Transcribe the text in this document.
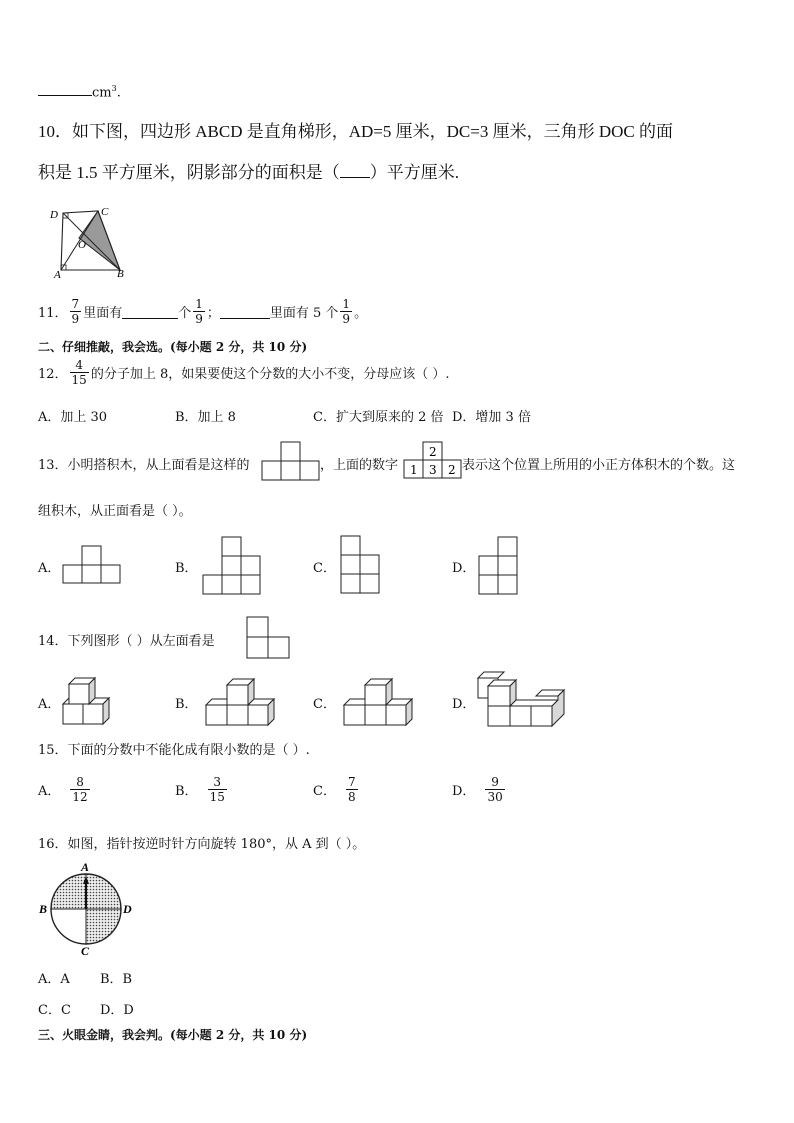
$cm^3$.
10．如下图，四边形 ABCD 是直角梯形，AD=5 厘米，DC=3 厘米，三角形 DOC 的面
积是 1.5 平方厘米，阴影部分的面积是（ ）平方厘米.
D	C
O
A	B
11． $\frac{7}{9}$ 里面有	个 $\frac{1}{9}$ ；	里面有 5 个 $\frac{1}{9}$ 。
二、仔细推敲，我会选。(每小题 2 分，共 10 分)
12． $\frac{4}{15}$ 的分子加上 8，如果要使这个分数的大小不变，分母应该（ ）.
A．加上 30	B．加上 8	C．扩大到原来的 2 倍 D．增加 3 倍
13．小明搭积木，从上面看是这样的	，上面的数字
2
1 3 2 表示这个位置上所用的小正方体积木的个数。这
组积木，从正面看是（ ）。
A．	B．	C．	D．
14．下列图形（ ）从左面看是
A．	B．	C．	D．
15．下面的分数中不能化成有限小数的是（ ）.
A． $\frac{8}{12}$	B． $\frac{3}{15}$	C． $\frac{7}{8}$	D． $\frac{9}{30}$
16．如图，指针按逆时针方向旋转 180°，从 A 到（ ）。
A
B	D
C
A．A B．B
C．C D．D
三、火眼金睛，我会判。(每小题 2 分，共 10 分)
